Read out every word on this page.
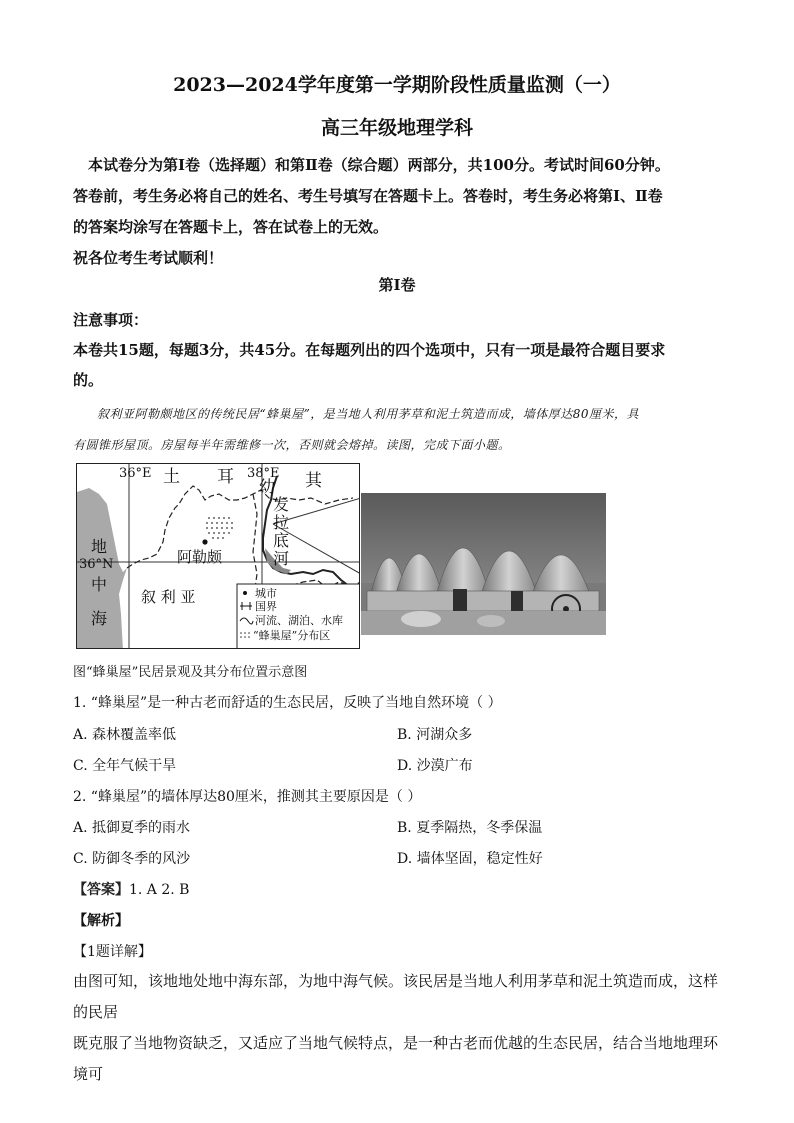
2023—2024学年度第一学期阶段性质量监测（一）
高三年级地理学科

本试卷分为第Ⅰ卷（选择题）和第Ⅱ卷（综合题）两部分，共100分。考试时间60分钟。

答卷前，考生务必将自己的姓名、考生号填写在答题卡上。答卷时，考生务必将第Ⅰ、Ⅱ卷

的答案均涂写在答题卡上，答在试卷上的无效。

祝各位考生考试顺利！

第Ⅰ卷

注意事项：

本卷共15题，每题3分，共45分。在每题列出的四个选项中，只有一项是最符合题目要求

的。

叙利亚阿勒颇地区的传统民居“蜂巢屋”，是当地人利用茅草和泥土筑造而成，墙体厚达80厘米，具

有圆锥形屋顶。房屋每半年需维修一次，否则就会熔掉。读图，完成下面小题。

36°E	38°E
36°N
土 耳	其
幼
发
拉
底
河
地
中
海
阿勒颇
叙 利 亚	城市
国界
河流、湖泊、水库
“蜂巢屋”分布区
图“蜂巢屋”民居景观及其分布位置示意图
1. “蜂巢屋”是一种古老而舒适的生态民居，反映了当地自然环境（ ）
A. 森林覆盖率低	B. 河湖众多
C. 全年气候干旱	D. 沙漠广布
2. “蜂巢屋”的墙体厚达80厘米，推测其主要原因是（ ）
A. 抵御夏季的雨水	B. 夏季隔热，冬季保温
C. 防御冬季的风沙	D. 墙体坚固，稳定性好
【答案】1. A 2. B
【解析】
【1题详解】

由图可知，该地地处地中海东部，为地中海气候。该民居是当地人利用茅草和泥土筑造而成，这样的民居

既克服了当地物资缺乏，又适应了当地气候特点，是一种古老而优越的生态民居，结合当地地理环境可
